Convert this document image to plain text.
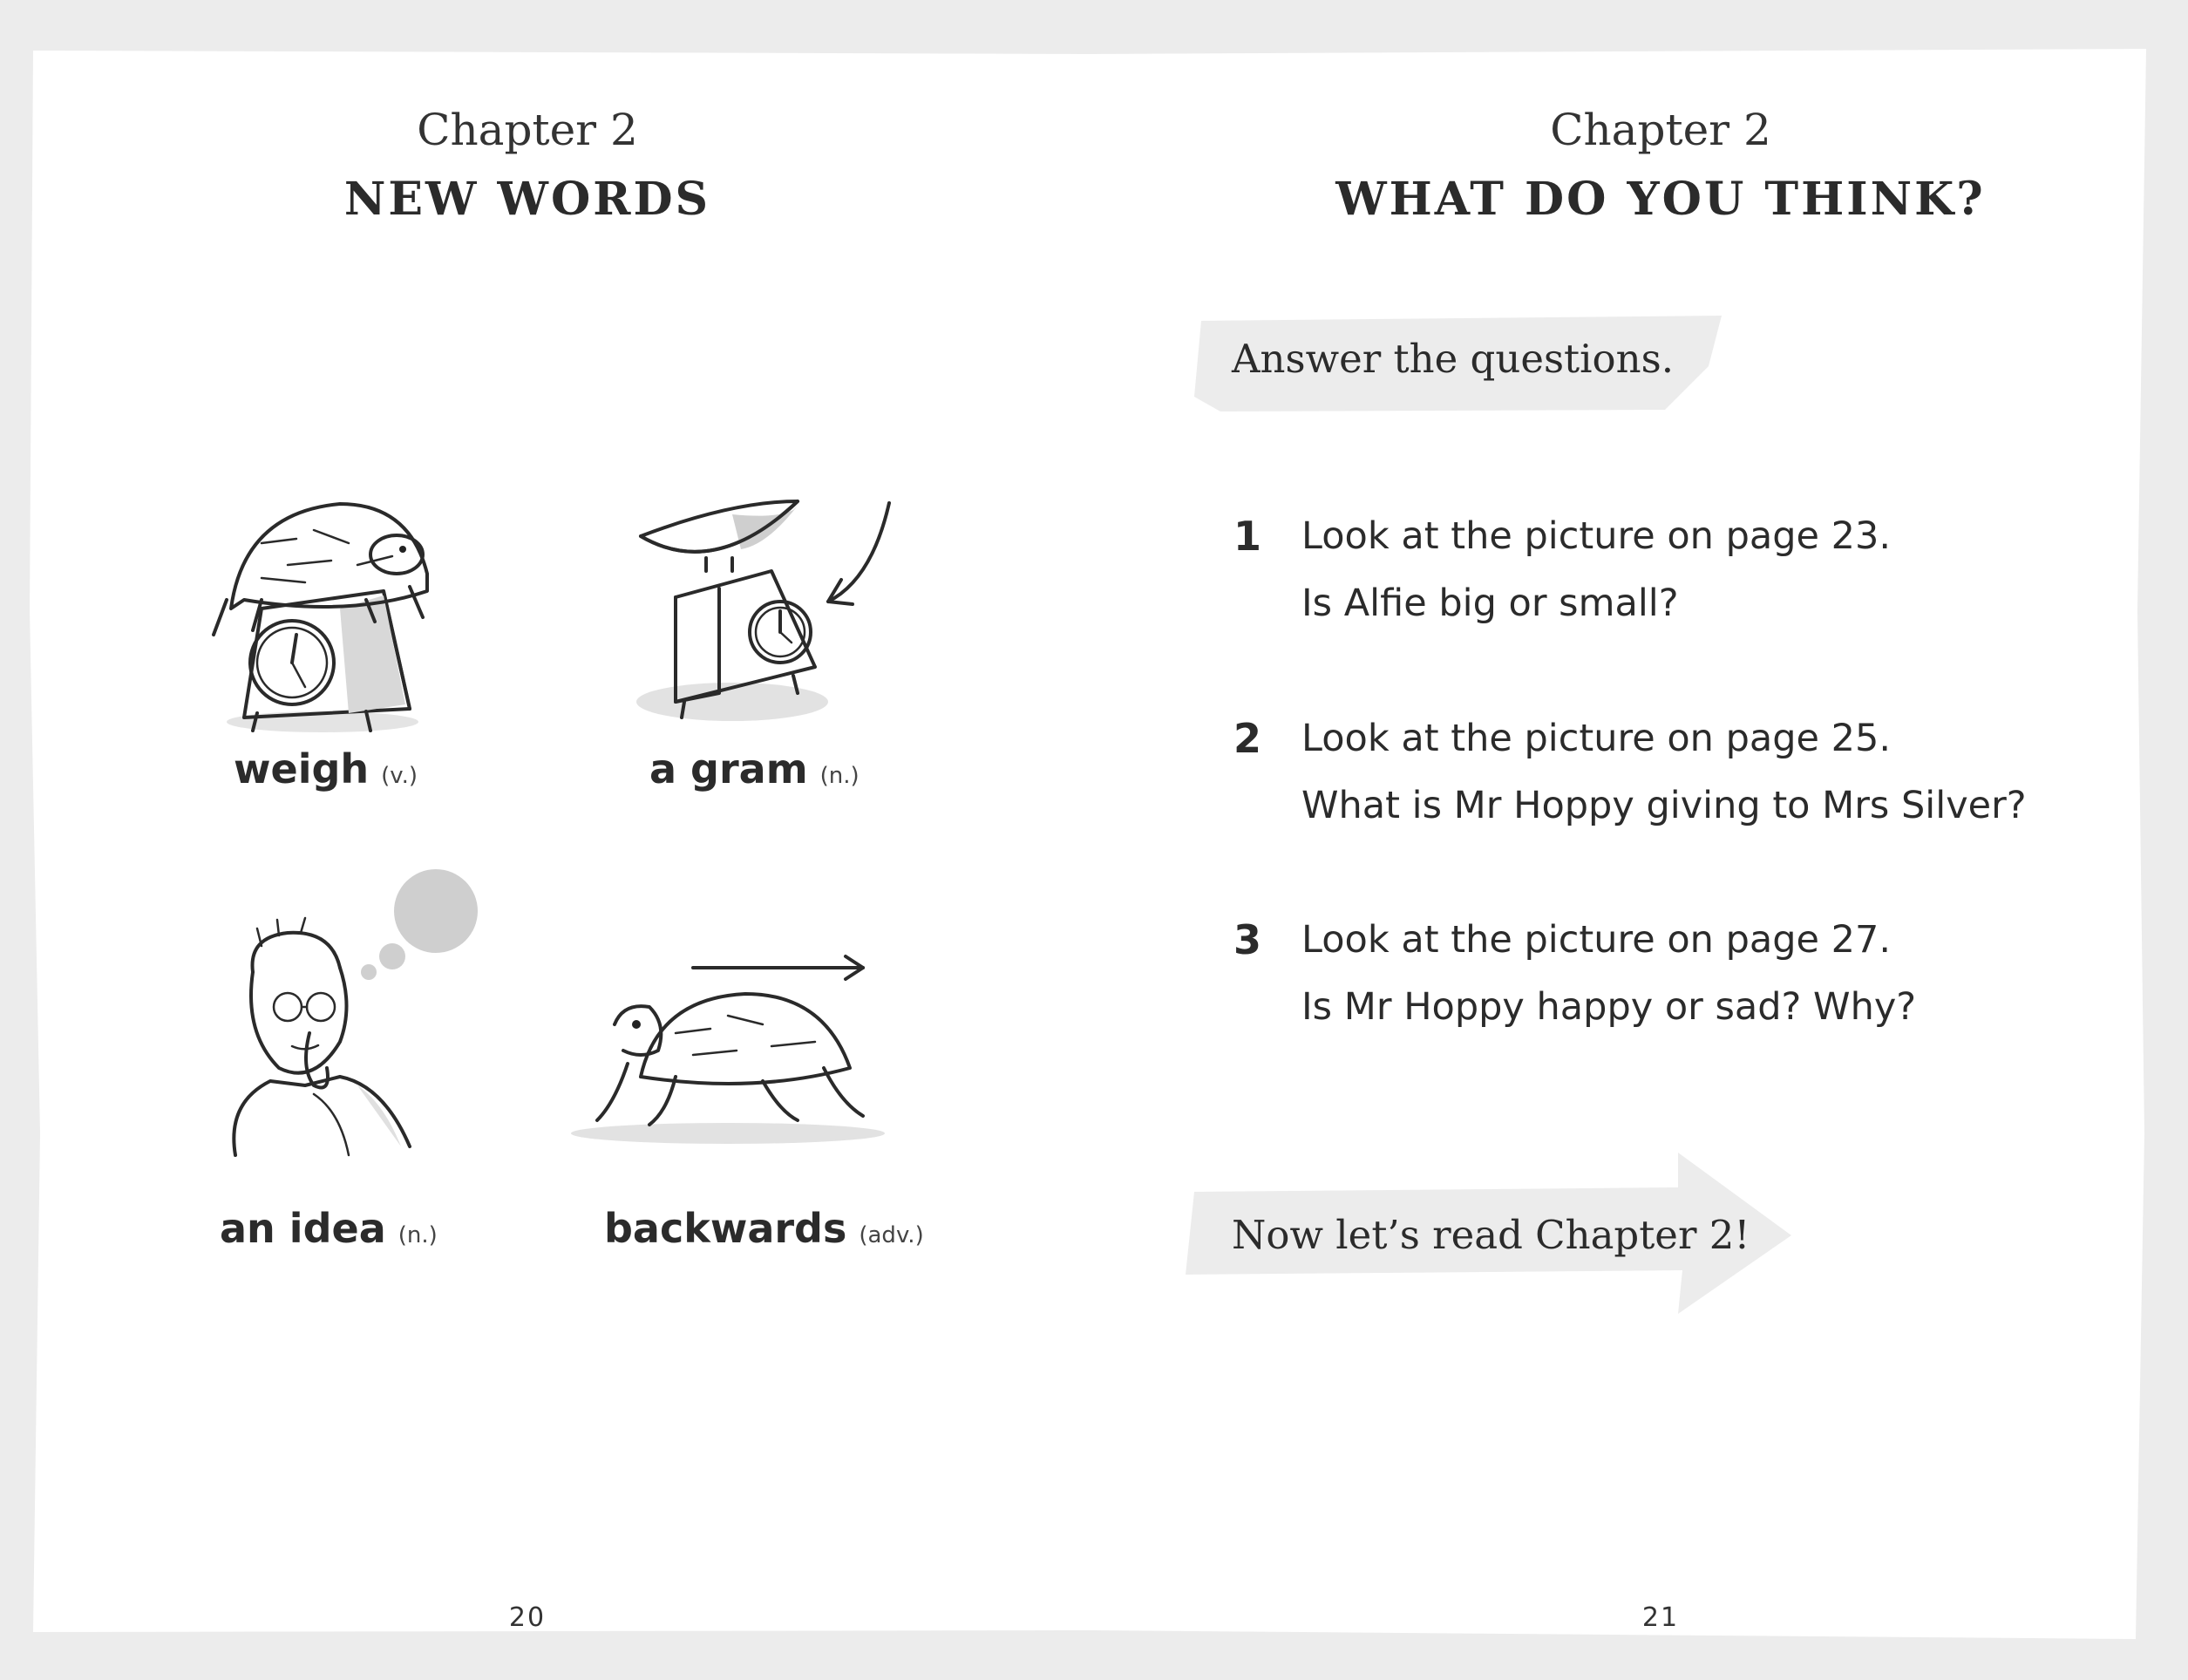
Chapter 2
NEW WORDS
weigh (v.)	a gram (n.)
an idea (n.)	backwards (adv.)
20
Chapter 2
WHAT DO YOU THINK?
Answer the questions.
1 Look at the picture on page 23.
Is Alfie big or small?
2 Look at the picture on page 25.
What is Mr Hoppy giving to Mrs Silver?
3 Look at the picture on page 27.
Is Mr Hoppy happy or sad? Why?
Now let’s read Chapter 2!
21
